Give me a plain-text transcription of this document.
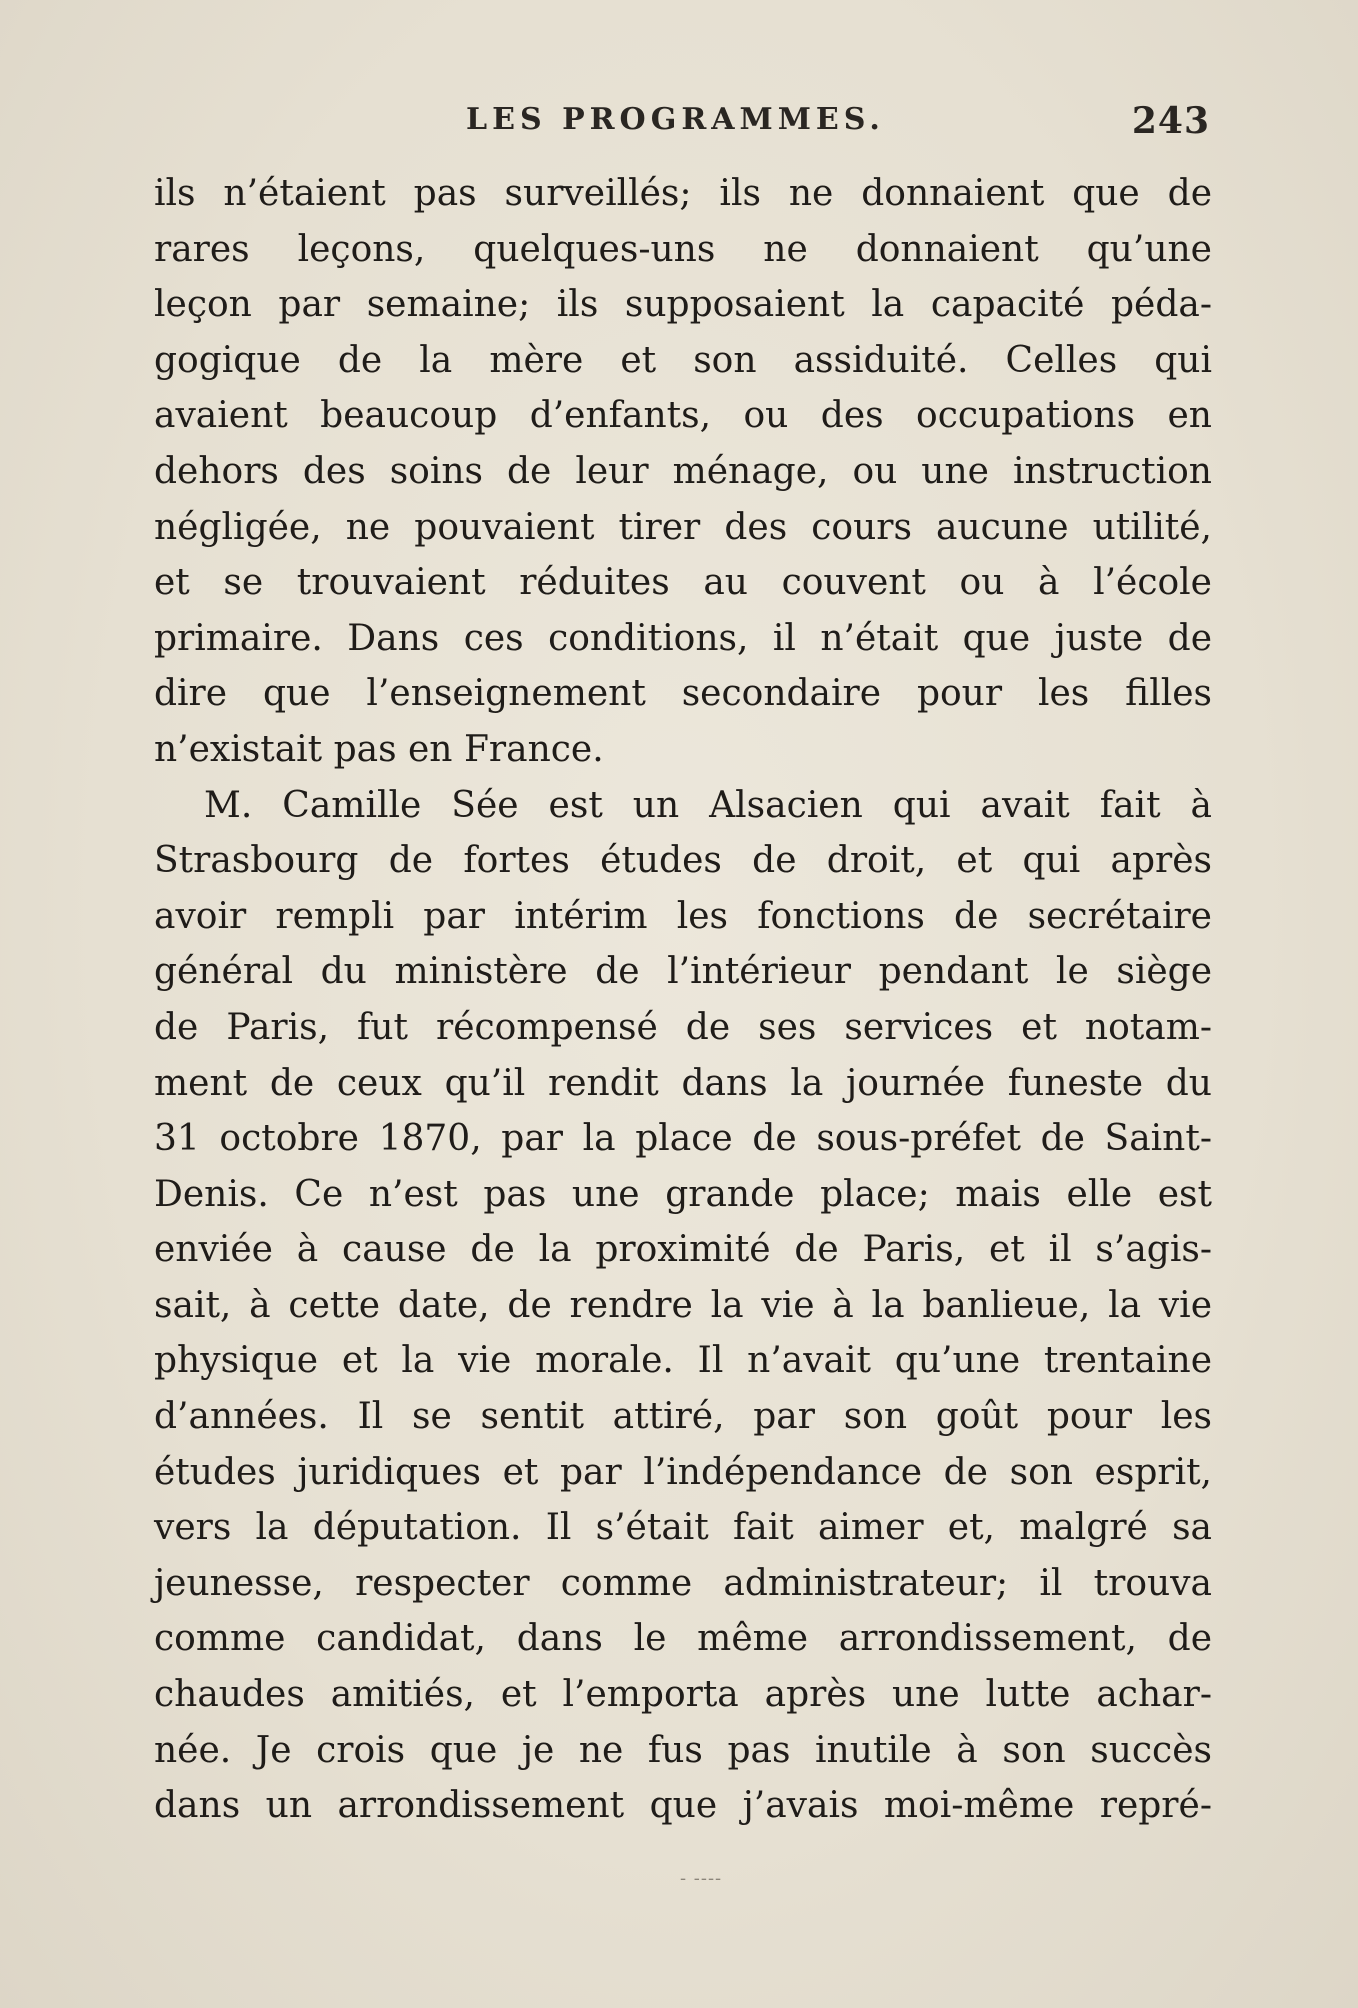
LES PROGRAMMES.	243
ils n’étaient pas surveillés; ils ne donnaient que de
rares leçons, quelques-uns ne donnaient qu’une
leçon par semaine; ils supposaient la capacité péda-
gogique de la mère et son assiduité. Celles qui
avaient beaucoup d’enfants, ou des occupations en
dehors des soins de leur ménage, ou une instruction
négligée, ne pouvaient tirer des cours aucune utilité,
et se trouvaient réduites au couvent ou à l’école
primaire. Dans ces conditions, il n’était que juste de
dire que l’enseignement secondaire pour les filles
n’existait pas en France.
M. Camille Sée est un Alsacien qui avait fait à
Strasbourg de fortes études de droit, et qui après
avoir rempli par intérim les fonctions de secrétaire
général du ministère de l’intérieur pendant le siège
de Paris, fut récompensé de ses services et notam-
ment de ceux qu’il rendit dans la journée funeste du
31 octobre 1870, par la place de sous-préfet de Saint-
Denis. Ce n’est pas une grande place; mais elle est
enviée à cause de la proximité de Paris, et il s’agis-
sait, à cette date, de rendre la vie à la banlieue, la vie
physique et la vie morale. Il n’avait qu’une trentaine
d’années. Il se sentit attiré, par son goût pour les
études juridiques et par l’indépendance de son esprit,
vers la députation. Il s’était fait aimer et, malgré sa
jeunesse, respecter comme administrateur; il trouva
comme candidat, dans le même arrondissement, de
chaudes amitiés, et l’emporta après une lutte achar-
née. Je crois que je ne fus pas inutile à son succès
dans un arrondissement que j’avais moi-même repré-
- ----
